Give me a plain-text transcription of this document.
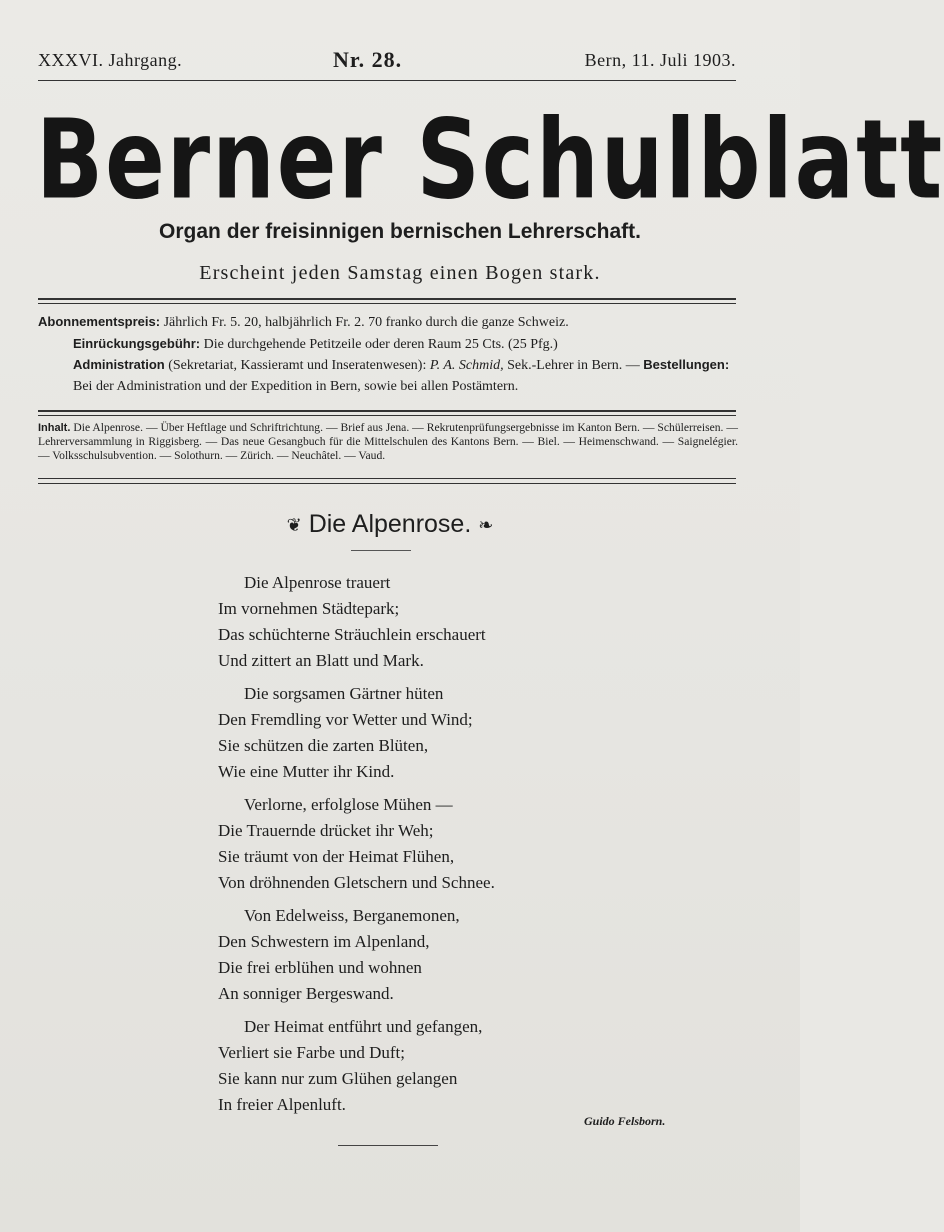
XXXVI. Jahrgang.	Nr. 28.	Bern, 11. Juli 1903.
Berner Schulblatt
Organ der freisinnigen bernischen Lehrerschaft.
Erscheint jeden Samstag einen Bogen stark.
Abonnementspreis: Jährlich Fr. 5. 20, halbjährlich Fr. 2. 70 franko durch die ganze Schweiz.
Einrückungsgebühr: Die durchgehende Petitzeile oder deren Raum 25 Cts. (25 Pfg.)
Administration (Sekretariat, Kassieramt und Inseratenwesen): P. A. Schmid, Sek.-Lehrer in Bern. — Bestellungen: Bei der Administration und der Expedition in Bern, sowie bei allen Postämtern.
Inhalt. Die Alpenrose. — Über Heftlage und Schriftrichtung. — Brief aus Jena. — Rekrutenprüfungsergebnisse im Kanton Bern. — Schülerreisen. — Lehrerversammlung in Riggisberg. — Das neue Gesangbuch für die Mittelschulen des Kantons Bern. — Biel. — Heimenschwand. — Saignelégier. — Volksschulsubvention. — Solothurn. — Zürich. — Neuchâtel. — Vaud.
❦ Die Alpenrose. ❧
Die Alpenrose trauert
Im vornehmen Städtepark;
Das schüchterne Sträuchlein erschauert
Und zittert an Blatt und Mark.
Die sorgsamen Gärtner hüten
Den Fremdling vor Wetter und Wind;
Sie schützen die zarten Blüten,
Wie eine Mutter ihr Kind.
Verlorne, erfolglose Mühen —
Die Trauernde drücket ihr Weh;
Sie träumt von der Heimat Flühen,
Von dröhnenden Gletschern und Schnee.
Von Edelweiss, Berganemonen,
Den Schwestern im Alpenland,
Die frei erblühen und wohnen
An sonniger Bergeswand.
Der Heimat entführt und gefangen,
Verliert sie Farbe und Duft;
Sie kann nur zum Glühen gelangen
In freier Alpenluft.
Guido Felsborn.
